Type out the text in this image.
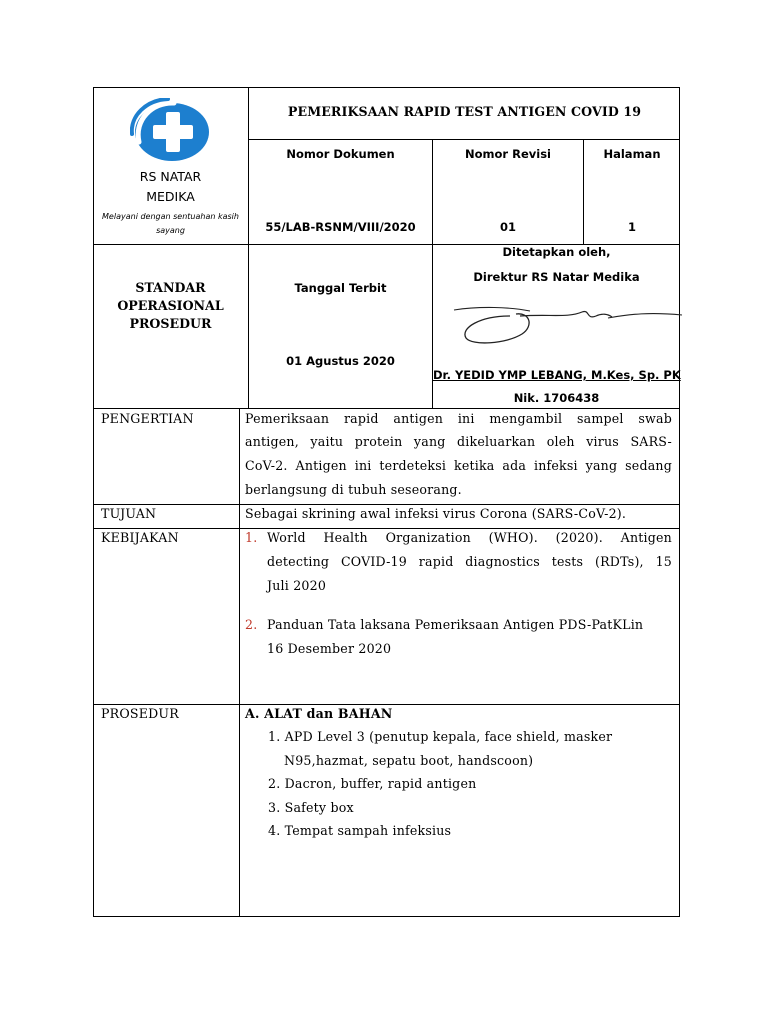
RS NATAR
MEDIKA
Melayani dengan sentuahan kasih
sayang
PEMERIKSAAN RAPID TEST ANTIGEN COVID 19
Nomor Dokumen	Nomor Revisi	Halaman
55/LAB-RSNM/VIII/2020	01	1
STANDAR
OPERASIONAL
PROSEDUR
Tanggal Terbit
01 Agustus 2020
Ditetapkan oleh,
Direktur RS Natar Medika
Dr. YEDID YMP LEBANG, M.Kes, Sp. PK
Nik. 1706438
PENGERTIAN	Pemeriksaan rapid antigen ini mengambil sampel swab
antigen, yaitu protein yang dikeluarkan oleh virus SARS-
CoV-2. Antigen ini terdeteksi ketika ada infeksi yang sedang
berlangsung di tubuh seseorang.
TUJUAN	Sebagai skrining awal infeksi virus Corona (SARS-CoV-2).
KEBIJAKAN	1. World Health Organization (WHO). (2020). Antigen
detecting COVID-19 rapid diagnostics tests (RDTs), 15
Juli 2020
2. Panduan Tata laksana Pemeriksaan Antigen PDS-PatKLin
16 Desember 2020
PROSEDUR	A. ALAT dan BAHAN
1. APD Level 3 (penutup kepala, face shield, masker
N95,hazmat, sepatu boot, handscoon)
2. Dacron, buffer, rapid antigen
3. Safety box
4. Tempat sampah infeksius
